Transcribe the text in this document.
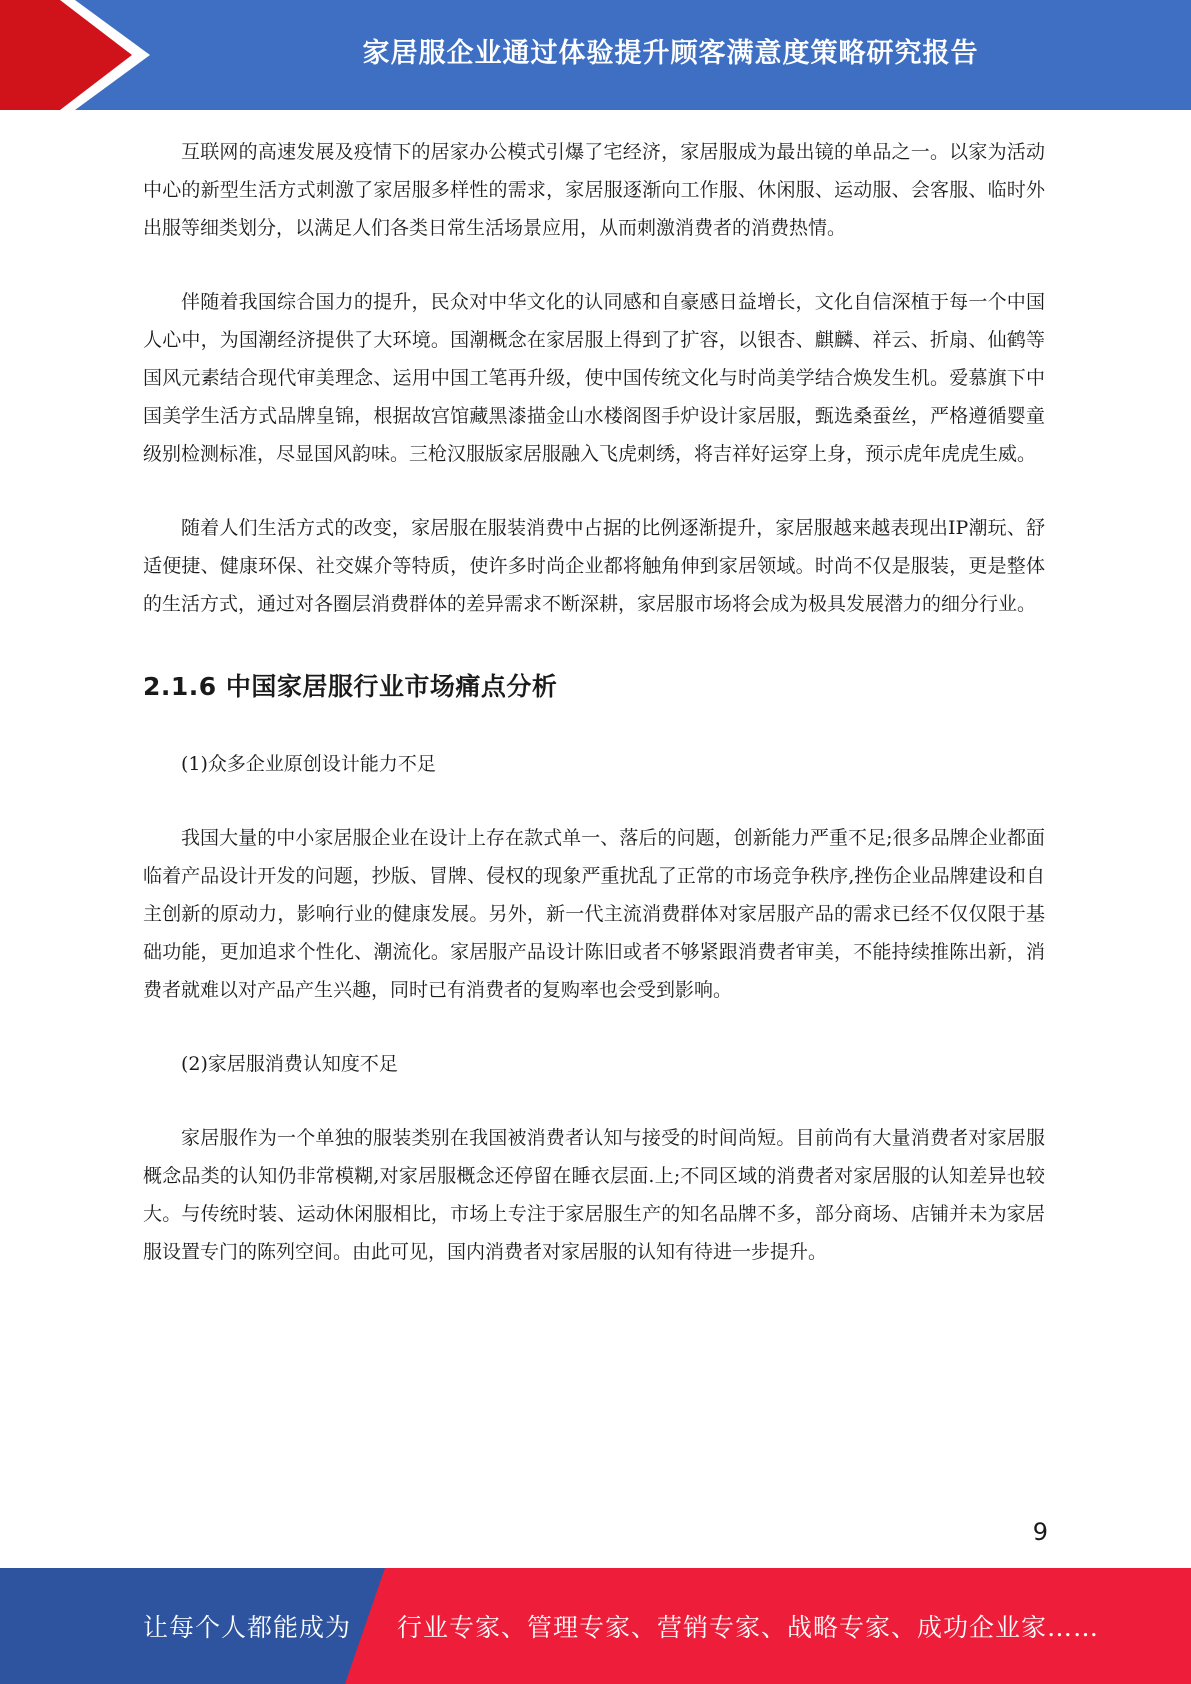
家居服企业通过体验提升顾客满意度策略研究报告

互联网的高速发展及疫情下的居家办公模式引爆了宅经济，家居服成为最出镜的单品之一。以家为活动中心的新型生活方式刺激了家居服多样性的需求，家居服逐渐向工作服、休闲服、运动服、会客服、临时外出服等细类划分，以满足人们各类日常生活场景应用，从而刺激消费者的消费热情。

伴随着我国综合国力的提升，民众对中华文化的认同感和自豪感日益增长，文化自信深植于每一个中国人心中，为国潮经济提供了大环境。国潮概念在家居服上得到了扩容，以银杏、麒麟、祥云、折扇、仙鹤等国风元素结合现代审美理念、运用中国工笔再升级，使中国传统文化与时尚美学结合焕发生机。爱慕旗下中国美学生活方式品牌皇锦，根据故宫馆藏黑漆描金山水楼阁图手炉设计家居服，甄选桑蚕丝，严格遵循婴童级别检测标准，尽显国风韵味。三枪汉服版家居服融入飞虎刺绣，将吉祥好运穿上身，预示虎年虎虎生威。

随着人们生活方式的改变，家居服在服装消费中占据的比例逐渐提升，家居服越来越表现出IP潮玩、舒适便捷、健康环保、社交媒介等特质，使许多时尚企业都将触角伸到家居领域。时尚不仅是服装，更是整体的生活方式，通过对各圈层消费群体的差异需求不断深耕，家居服市场将会成为极具发展潜力的细分行业。

2.1.6 中国家居服行业市场痛点分析

(1)众多企业原创设计能力不足

我国大量的中小家居服企业在设计上存在款式单一、落后的问题，创新能力严重不足;很多品牌企业都面临着产品设计开发的问题，抄版、冒牌、侵权的现象严重扰乱了正常的市场竞争秩序,挫伤企业品牌建设和自主创新的原动力，影响行业的健康发展。另外，新一代主流消费群体对家居服产品的需求已经不仅仅限于基础功能，更加追求个性化、潮流化。家居服产品设计陈旧或者不够紧跟消费者审美，不能持续推陈出新，消费者就难以对产品产生兴趣，同时已有消费者的复购率也会受到影响。

(2)家居服消费认知度不足

家居服作为一个单独的服装类别在我国被消费者认知与接受的时间尚短。目前尚有大量消费者对家居服概念品类的认知仍非常模糊,对家居服概念还停留在睡衣层面.上;不同区域的消费者对家居服的认知差异也较大。与传统时装、运动休闲服相比，市场上专注于家居服生产的知名品牌不多，部分商场、店铺并未为家居服设置专门的陈列空间。由此可见，国内消费者对家居服的认知有待进一步提升。

9
让每个人都能成为 行业专家、管理专家、营销专家、战略专家、成功企业家……
